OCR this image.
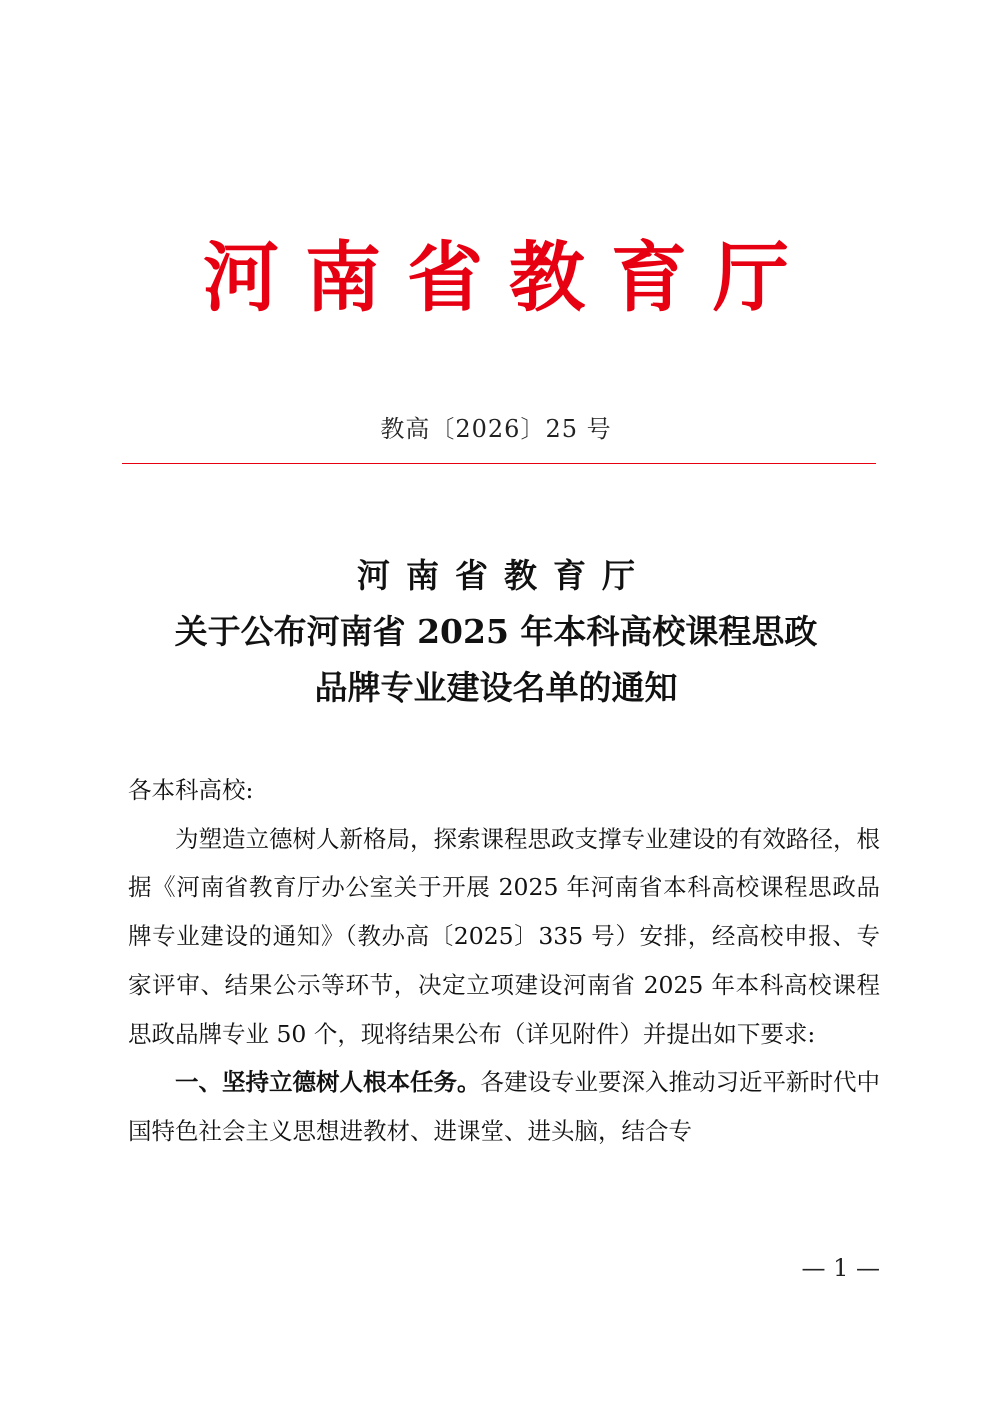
河南省教育厅
教高〔2026〕25 号
河南省教育厅
关于公布河南省 2025 年本科高校课程思政
品牌专业建设名单的通知

各本科高校:

为塑造立德树人新格局，探索课程思政支撑专业建设的有效路径，根据《河南省教育厅办公室关于开展 2025 年河南省本科高校课程思政品牌专业建设的通知》（教办高〔2025〕335 号）安排，经高校申报、专家评审、结果公示等环节，决定立项建设河南省 2025 年本科高校课程思政品牌专业 50 个，现将结果公布（详见附件）并提出如下要求:

一、坚持立德树人根本任务。各建设专业要深入推动习近平新时代中国特色社会主义思想进教材、进课堂、进头脑，结合专

— 1 —
